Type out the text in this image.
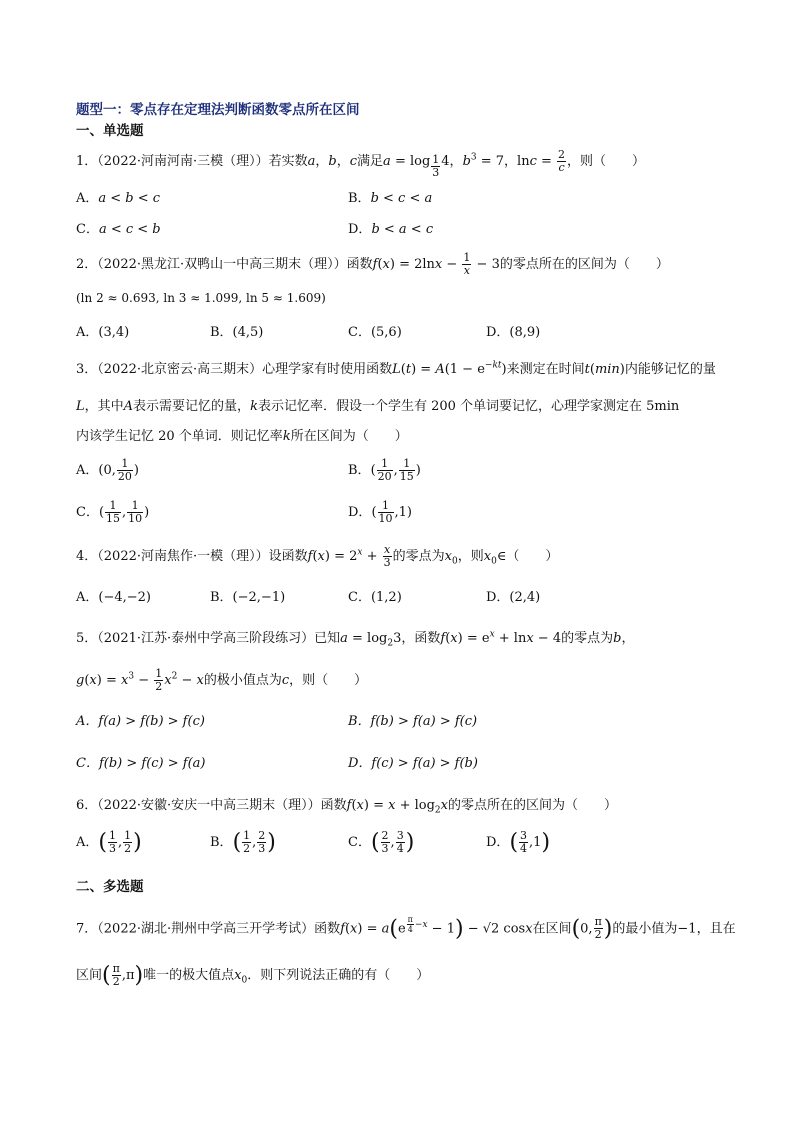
题型一：零点存在定理法判断函数零点所在区间
一、单选题
1．（2022·河南河南·三模（理））若实数a，b，c满足a = log $_{\frac{1}{3}}$ 4，$b^3 = 7$，$\ln c = \frac{2}{c}$ ，则（　　）
A．a < b < c	B．b < c < a
C．a < c < b	D．b < a < c
2．（2022·黑龙江·双鸭山一中高三期末（理））函数$f(x) = 2\ln x - \frac{1}{x} - 3$的零点所在的区间为（　　）
(ln 2 ≈ 0.693, ln 3 ≈ 1.099, ln 5 ≈ 1.609)
A．(3,4)	B．(4,5)	C．(5,6)	D．(8,9)
3．（2022·北京密云·高三期末）心理学家有时使用函数$L(t) = A(1 - e^{-kt})$来测定在时间t(min)内能够记忆的量
L，其中A表示需要记忆的量，k表示记忆率．假设一个学生有 200 个单词要记忆，心理学家测定在 5min
内该学生记忆 20 个单词．则记忆率k所在区间为（　　）
A．(0, $\frac{1}{20}$ )	B．( $\frac{1}{20}$ , $\frac{1}{15}$ )
C．( $\frac{1}{15}$ , $\frac{1}{10}$ )	D．( $\frac{1}{10} ,1$)
4．（2022·河南焦作·一模（理））设函数$f(x) = 2^x + \frac{x}{3}$ 的零点为$x_0$，则$x_0\in$（　　）
A．(−4,−2)	B．(−2,−1)	C．(1,2)	D．(2,4)
5．（2021·江苏·泰州中学高三阶段练习）已知$a = \log_23$，函数$f(x) = e^x + \ln x - 4$的零点为b，
$g(x) = x^3 - \frac{1}{2} x^2 - x$的极小值点为c，则（　　）
A．f(a) > f(b) > f(c)	B．f(b) > f(a) > f(c)
C．f(b) > f(c) > f(a)	D．f(c) > f(a) > f(b)
6．（2022·安徽·安庆一中高三期末（理））函数$f(x) = x + \log_2x$的零点所在的区间为（　　）
A．( $\frac{1}{3}$ , $\frac{1}{2}$ )	B．( $\frac{1}{2}$ , $\frac{2}{3}$ )	C．( $\frac{2}{3}$ , $\frac{3}{4}$ )	D．( $\frac{3}{4} ,1$)
二、多选题
7．（2022·湖北·荆州中学高三开学考试）函数f(x) = a(e $^{\frac{\pi}{4} -x}$ − 1) − √2 cosx在区间(0, $\frac{\pi}{2}$ )的最小值为−1，且在
区间( $\frac{\pi}{2} ,\pi$)唯一的极大值点$x_0$．则下列说法正确的有（　　）
